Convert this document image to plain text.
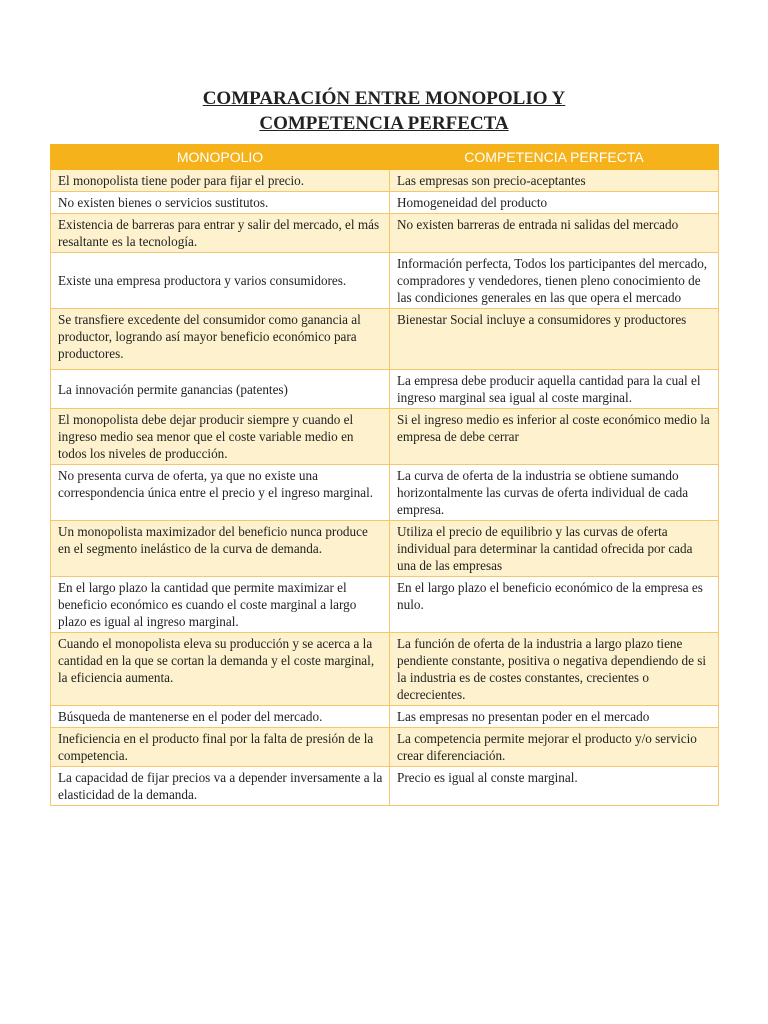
COMPARACIÓN ENTRE MONOPOLIO Y
COMPETENCIA PERFECTA
MONOPOLIO	COMPETENCIA PERFECTA
El monopolista tiene poder para fijar el precio.	Las empresas son precio-aceptantes
No existen bienes o servicios sustitutos.	Homogeneidad del producto
Existencia de barreras para entrar y salir del mercado, el más resaltante es la tecnología.	No existen barreras de entrada ni salidas del mercado
Existe una empresa productora y varios consumidores.	Información perfecta, Todos los participantes del mercado, compradores y vendedores, tienen pleno conocimiento de las condiciones generales en las que opera el mercado
Se transfiere excedente del consumidor como ganancia al productor, logrando así mayor beneficio económico para productores.	Bienestar Social incluye a consumidores y productores
La innovación permite ganancias (patentes)	La empresa debe producir aquella cantidad para la cual el ingreso marginal sea igual al coste marginal.
El monopolista debe dejar producir siempre y cuando el ingreso medio sea menor que el coste variable medio en todos los niveles de producción.	Si el ingreso medio es inferior al coste económico medio la empresa de debe cerrar
No presenta curva de oferta, ya que no existe una correspondencia única entre el precio y el ingreso marginal.	La curva de oferta de la industria se obtiene sumando horizontalmente las curvas de oferta individual de cada empresa.
Un monopolista maximizador del beneficio nunca produce en el segmento inelástico de la curva de demanda.	Utiliza el precio de equilibrio y las curvas de oferta individual para determinar la cantidad ofrecida por cada una de las empresas
En el largo plazo la cantidad que permite maximizar el beneficio económico es cuando el coste marginal a largo plazo es igual al ingreso marginal.	En el largo plazo el beneficio económico de la empresa es nulo.
Cuando el monopolista eleva su producción y se acerca a la cantidad en la que se cortan la demanda y el coste marginal, la eficiencia aumenta.	La función de oferta de la industria a largo plazo tiene pendiente constante, positiva o negativa dependiendo de si la industria es de costes constantes, crecientes o decrecientes.
Búsqueda de mantenerse en el poder del mercado.	Las empresas no presentan poder en el mercado
Ineficiencia en el producto final por la falta de presión de la competencia.	La competencia permite mejorar el producto y/o servicio crear diferenciación.
La capacidad de fijar precios va a depender inversamente a la elasticidad de la demanda.	Precio es igual al conste marginal.
